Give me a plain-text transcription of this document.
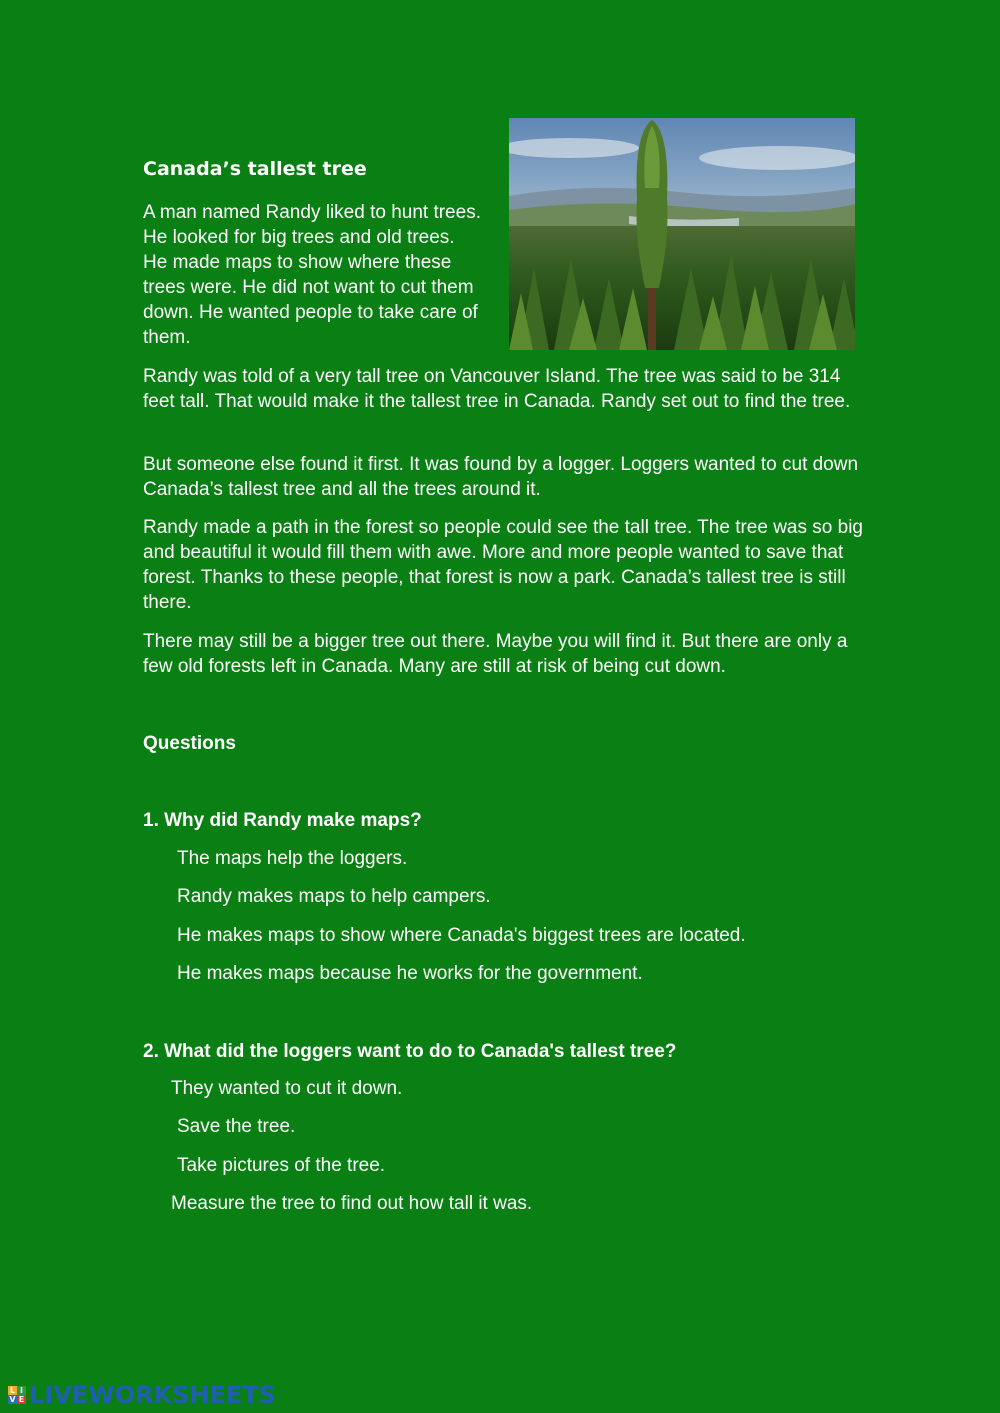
Canada’s tallest tree

A man named Randy liked to hunt trees. He looked for big trees and old trees. He made maps to show where these trees were. He did not want to cut them down. He wanted people to take care of them.

Randy was told of a very tall tree on Vancouver Island. The tree was said to be 314 feet tall. That would make it the tallest tree in Canada. Randy set out to find the tree.

But someone else found it first. It was found by a logger. Loggers wanted to cut down Canada’s tallest tree and all the trees around it.

Randy made a path in the forest so people could see the tall tree. The tree was so big and beautiful it would fill them with awe. More and more people wanted to save that forest. Thanks to these people, that forest is now a park. Canada’s tallest tree is still there.

There may still be a bigger tree out there. Maybe you will find it. But there are only a few old forests left in Canada. Many are still at risk of being cut down.

Questions
1. Why did Randy make maps?
The maps help the loggers.
Randy makes maps to help campers.
He makes maps to show where Canada's biggest trees are located.
He makes maps because he works for the government.
2. What did the loggers want to do to Canada's tallest tree?
They wanted to cut it down.
Save the tree.
Take pictures of the tree.
Measure the tree to find out how tall it was.
L I
V E LIVEWORKSHEETS
